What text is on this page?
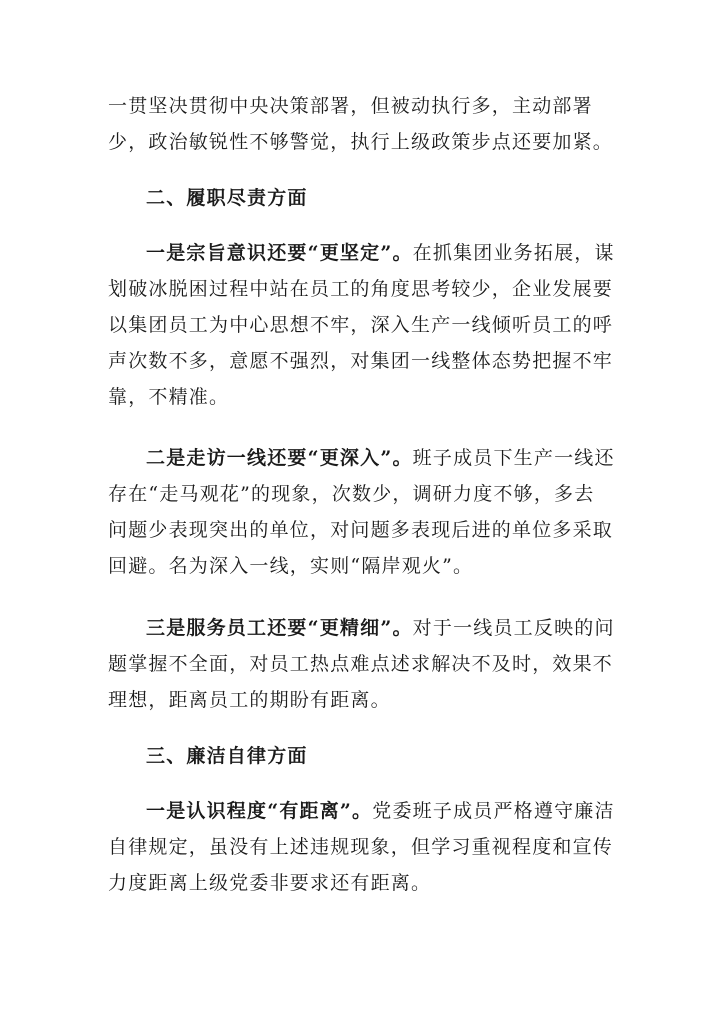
一贯坚决贯彻中央决策部署，但被动执行多，主动部署
少，政治敏锐性不够警觉，执行上级政策步点还要加紧。

二、履职尽责方面

一是宗旨意识还要“更坚定”。在抓集团业务拓展，谋
划破冰脱困过程中站在员工的角度思考较少，企业发展要
以集团员工为中心思想不牢，深入生产一线倾听员工的呼
声次数不多，意愿不强烈，对集团一线整体态势把握不牢
靠，不精准。

二是走访一线还要“更深入”。班子成员下生产一线还
存在“走马观花”的现象，次数少，调研力度不够，多去
问题少表现突出的单位，对问题多表现后进的单位多采取
回避。名为深入一线，实则“隔岸观火”。

三是服务员工还要“更精细”。对于一线员工反映的问
题掌握不全面，对员工热点难点述求解决不及时，效果不
理想，距离员工的期盼有距离。

三、廉洁自律方面

一是认识程度“有距离”。党委班子成员严格遵守廉洁
自律规定，虽没有上述违规现象，但学习重视程度和宣传
力度距离上级党委非要求还有距离。
